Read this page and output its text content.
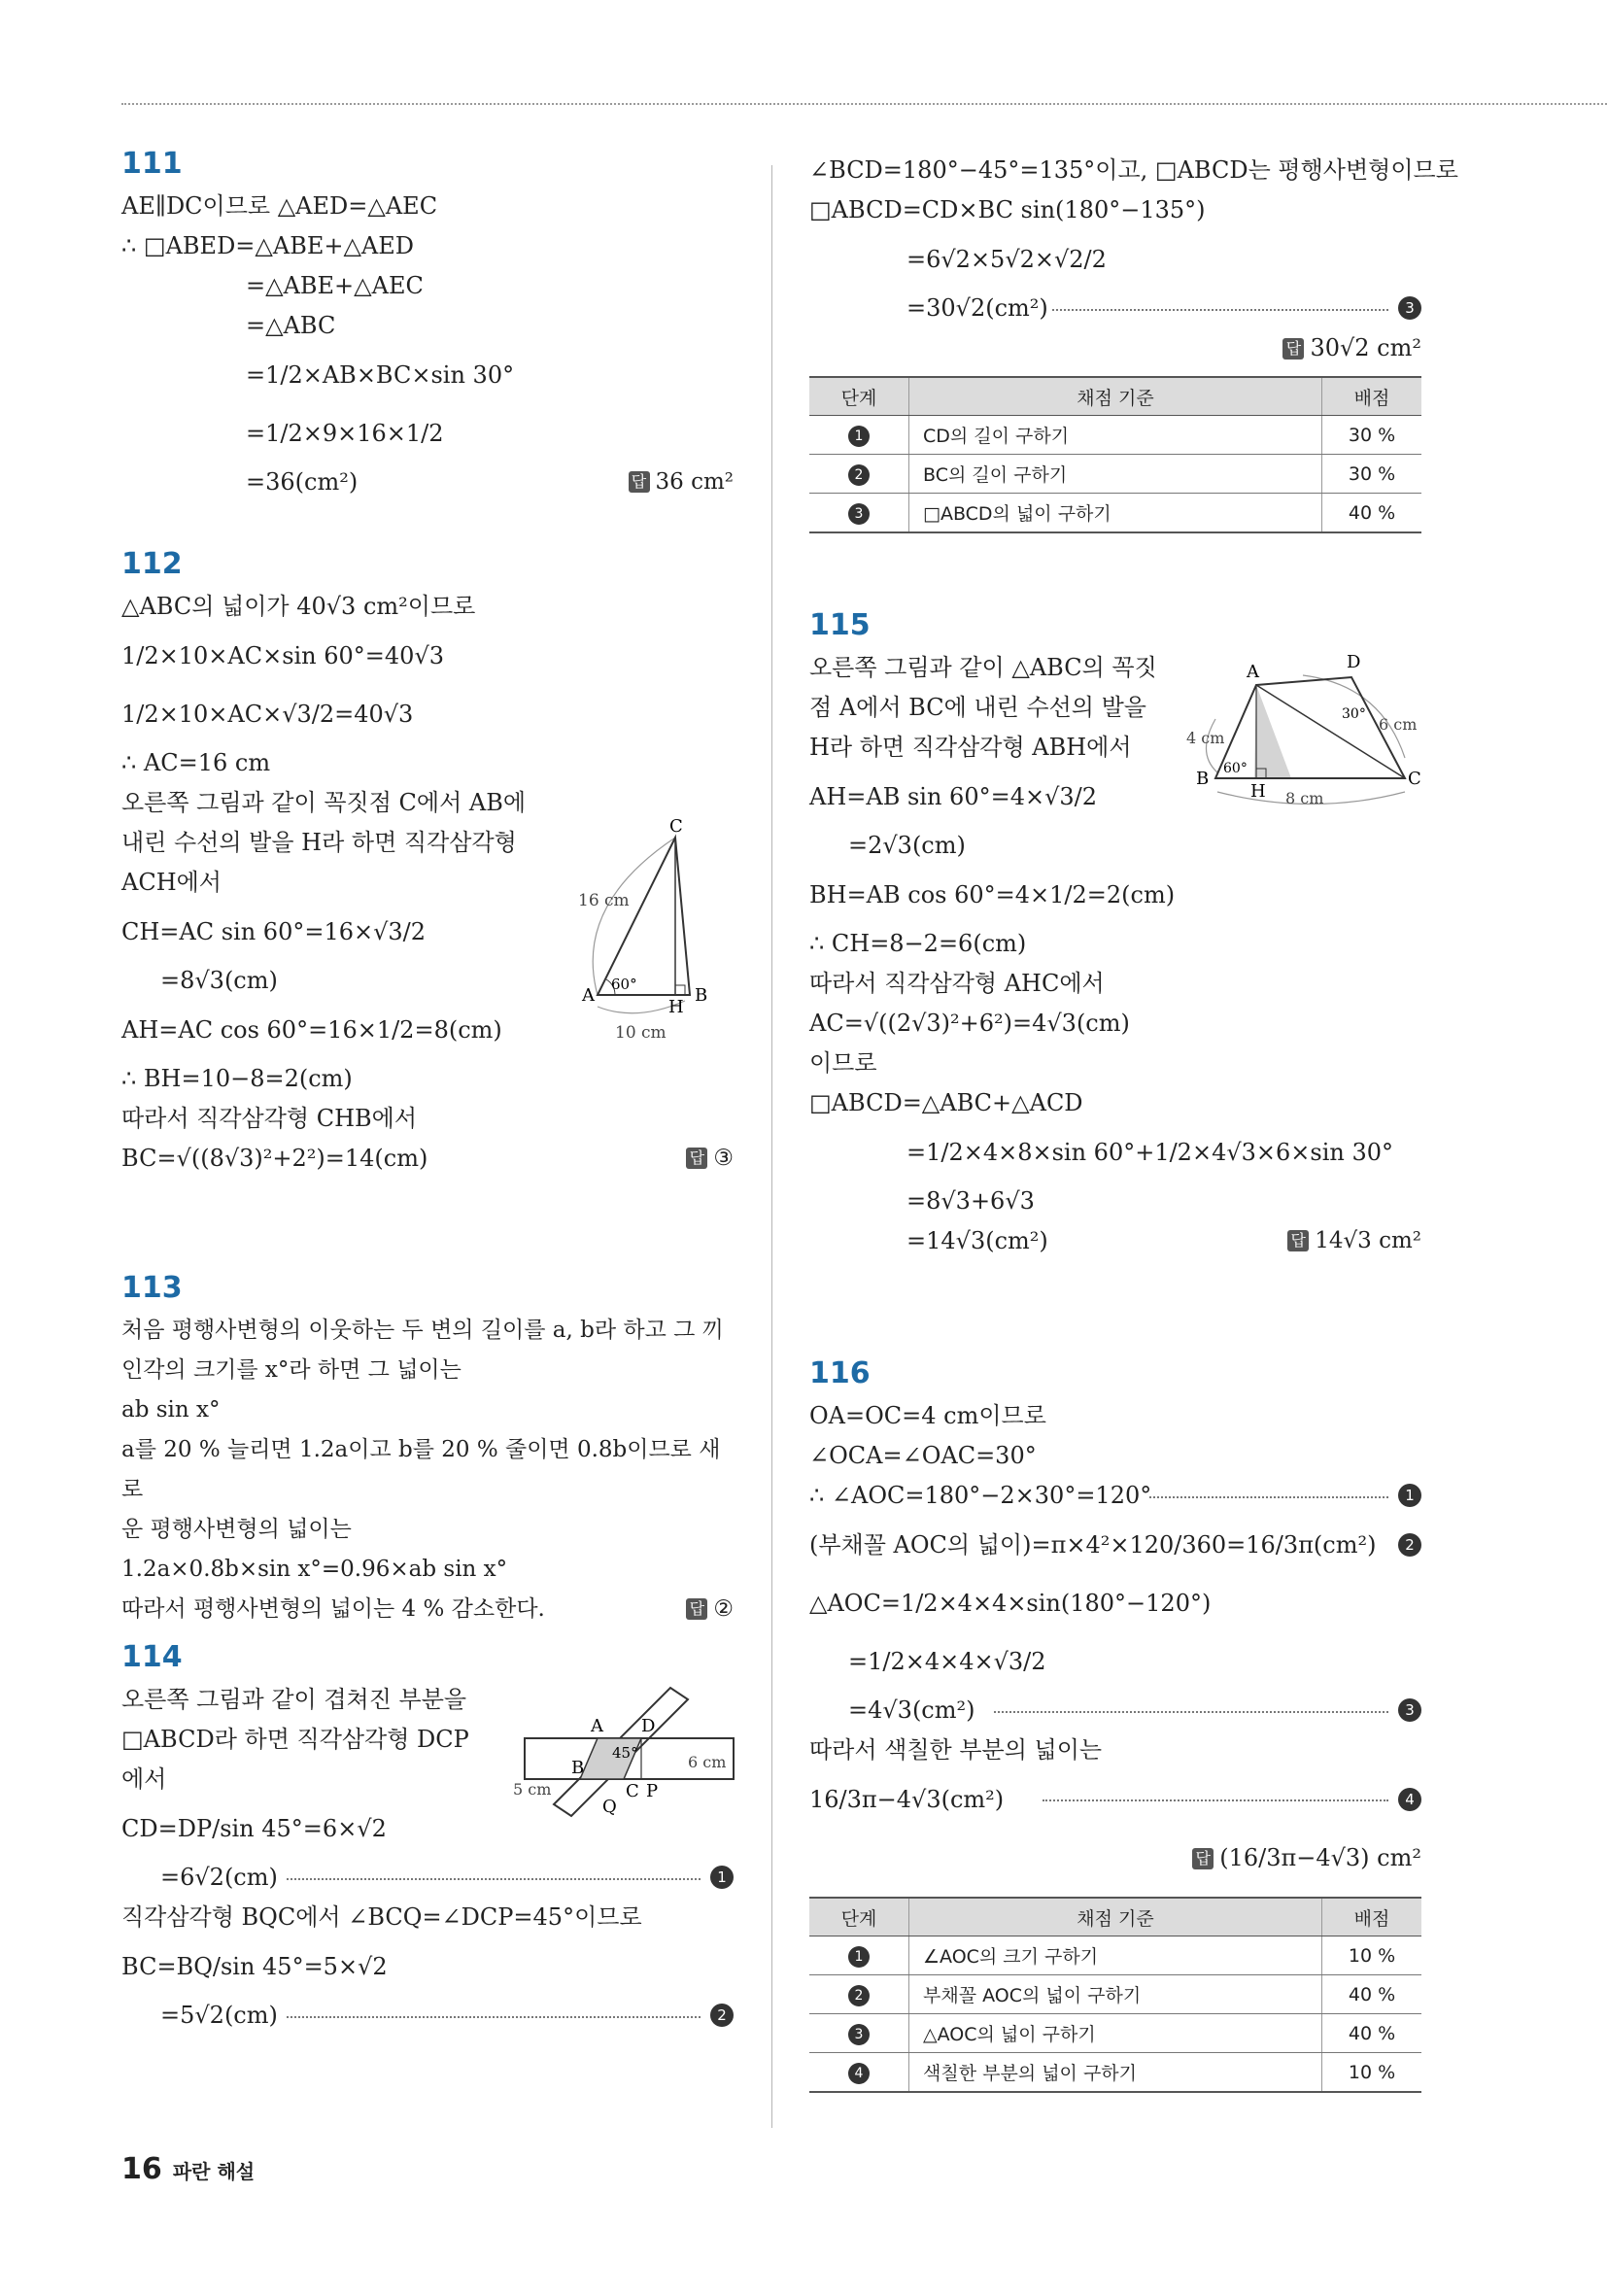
111
AE∥DC이므로 △AED=△AEC
∴ □ABED=△ABE+△AED
=△ABE+△AEC
=△ABC
=1/2×AB×BC×sin 30°
=1/2×9×16×1/2
=36(cm²)	답 36 cm²
112
△ABC의 넓이가 40√3 cm²이므로
1/2×10×AC×sin 60°=40√3
1/2×10×AC×√3/2=40√3
∴ AC=16 cm
오른쪽 그림과 같이 꼭짓점 C에서 AB에
내린 수선의 발을 H라 하면 직각삼각형
ACH에서
CH=AC sin 60°=16×√3/2
=8√3(cm)
AH=AC cos 60°=16×1/2=8(cm)
∴ BH=10−8=2(cm)
따라서 직각삼각형 CHB에서
BC=√((8√3)²+2²)=14(cm)	답 ③
A	B
C
H
16 cm
10 cm
60°
113
처음 평행사변형의 이웃하는 두 변의 길이를 a, b라 하고 그 끼
인각의 크기를 x°라 하면 그 넓이는
ab sin x°
a를 20 % 늘리면 1.2a이고 b를 20 % 줄이면 0.8b이므로 새로
운 평행사변형의 넓이는
1.2a×0.8b×sin x°=0.96×ab sin x°
따라서 평행사변형의 넓이는 4 % 감소한다.	답 ②
114
오른쪽 그림과 같이 겹쳐진 부분을
□ABCD라 하면 직각삼각형 DCP
에서
CD=DP/sin 45°=6×√2
=6√2(cm)	1
직각삼각형 BQC에서 ∠BCQ=∠DCP=45°이므로
BC=BQ/sin 45°=5×√2
=5√2(cm)	2
A
B
C
D
P
Q
5 cm
6 cm
45°
∠BCD=180°−45°=135°이고, □ABCD는 평행사변형이므로
□ABCD=CD×BC sin(180°−135°)
=6√2×5√2×√2/2
=30√2(cm²)	3
답 30√2 cm²
단계	채점 기준	배점
1	CD의 길이 구하기	30 %
2	BC의 길이 구하기	30 %
3	□ABCD의 넓이 구하기	40 %
115
오른쪽 그림과 같이 △ABC의 꼭짓
점 A에서 BC에 내린 수선의 발을
H라 하면 직각삼각형 ABH에서
AH=AB sin 60°=4×√3/2
=2√3(cm)
BH=AB cos 60°=4×1/2=2(cm)
∴ CH=8−2=6(cm)
따라서 직각삼각형 AHC에서
AC=√((2√3)²+6²)=4√3(cm)
이므로
□ABCD=△ABC+△ACD
=1/2×4×8×sin 60°+1/2×4√3×6×sin 30°
=8√3+6√3
=14√3(cm²)	답 14√3 cm²
A
B	C
D
H
4 cm
6 cm
8 cm
60°
30°
116
OA=OC=4 cm이므로
∠OCA=∠OAC=30°
∴ ∠AOC=180°−2×30°=120°	1
(부채꼴 AOC의 넓이)=π×4²×120/360=16/3π(cm²)	2
△AOC=1/2×4×4×sin(180°−120°)
=1/2×4×4×√3/2
=4√3(cm²)	3
따라서 색칠한 부분의 넓이는
16/3π−4√3(cm²)	4
답 (16/3π−4√3) cm²
단계	채점 기준	배점
1	∠AOC의 크기 구하기	10 %
2	부채꼴 AOC의 넓이 구하기	40 %
3	△AOC의 넓이 구하기	40 %
4	색칠한 부분의 넓이 구하기	10 %
16 파란 해설
